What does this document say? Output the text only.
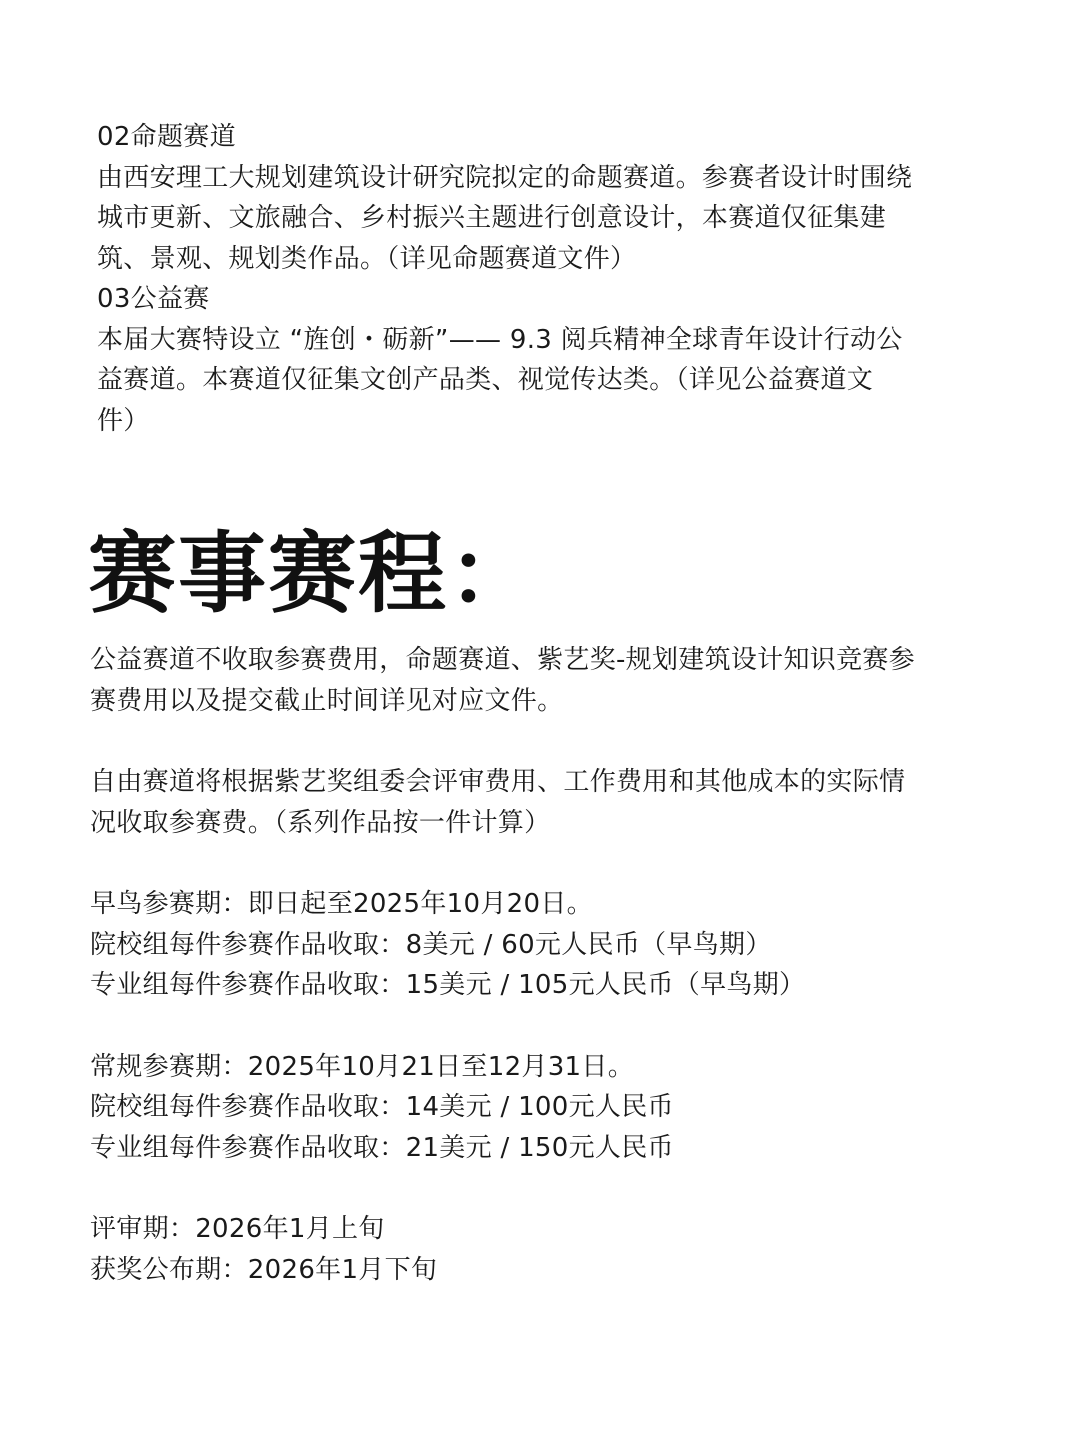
02命题赛道

由西安理工大规划建筑设计研究院拟定的命题赛道。参赛者设计时围绕

城市更新、文旅融合、乡村振兴主题进行创意设计，本赛道仅征集建

筑、景观、规划类作品。（详见命题赛道文件）

03公益赛

本届大赛特设立 “旌创・砺新”—— 9.3 阅兵精神全球青年设计行动公

益赛道。本赛道仅征集文创产品类、视觉传达类。（详见公益赛道文

件）

赛事赛程：

公益赛道不收取参赛费用，命题赛道、紫艺奖-规划建筑设计知识竞赛参

赛费用以及提交截止时间详见对应文件。

自由赛道将根据紫艺奖组委会评审费用、工作费用和其他成本的实际情

况收取参赛费。（系列作品按一件计算）

早鸟参赛期：即日起至2025年10月20日。

院校组每件参赛作品收取：8美元 / 60元人民币（早鸟期）

专业组每件参赛作品收取：15美元 / 105元人民币（早鸟期）

常规参赛期：2025年10月21日至12月31日。

院校组每件参赛作品收取：14美元 / 100元人民币

专业组每件参赛作品收取：21美元 / 150元人民币

评审期：2026年1月上旬

获奖公布期：2026年1月下旬
